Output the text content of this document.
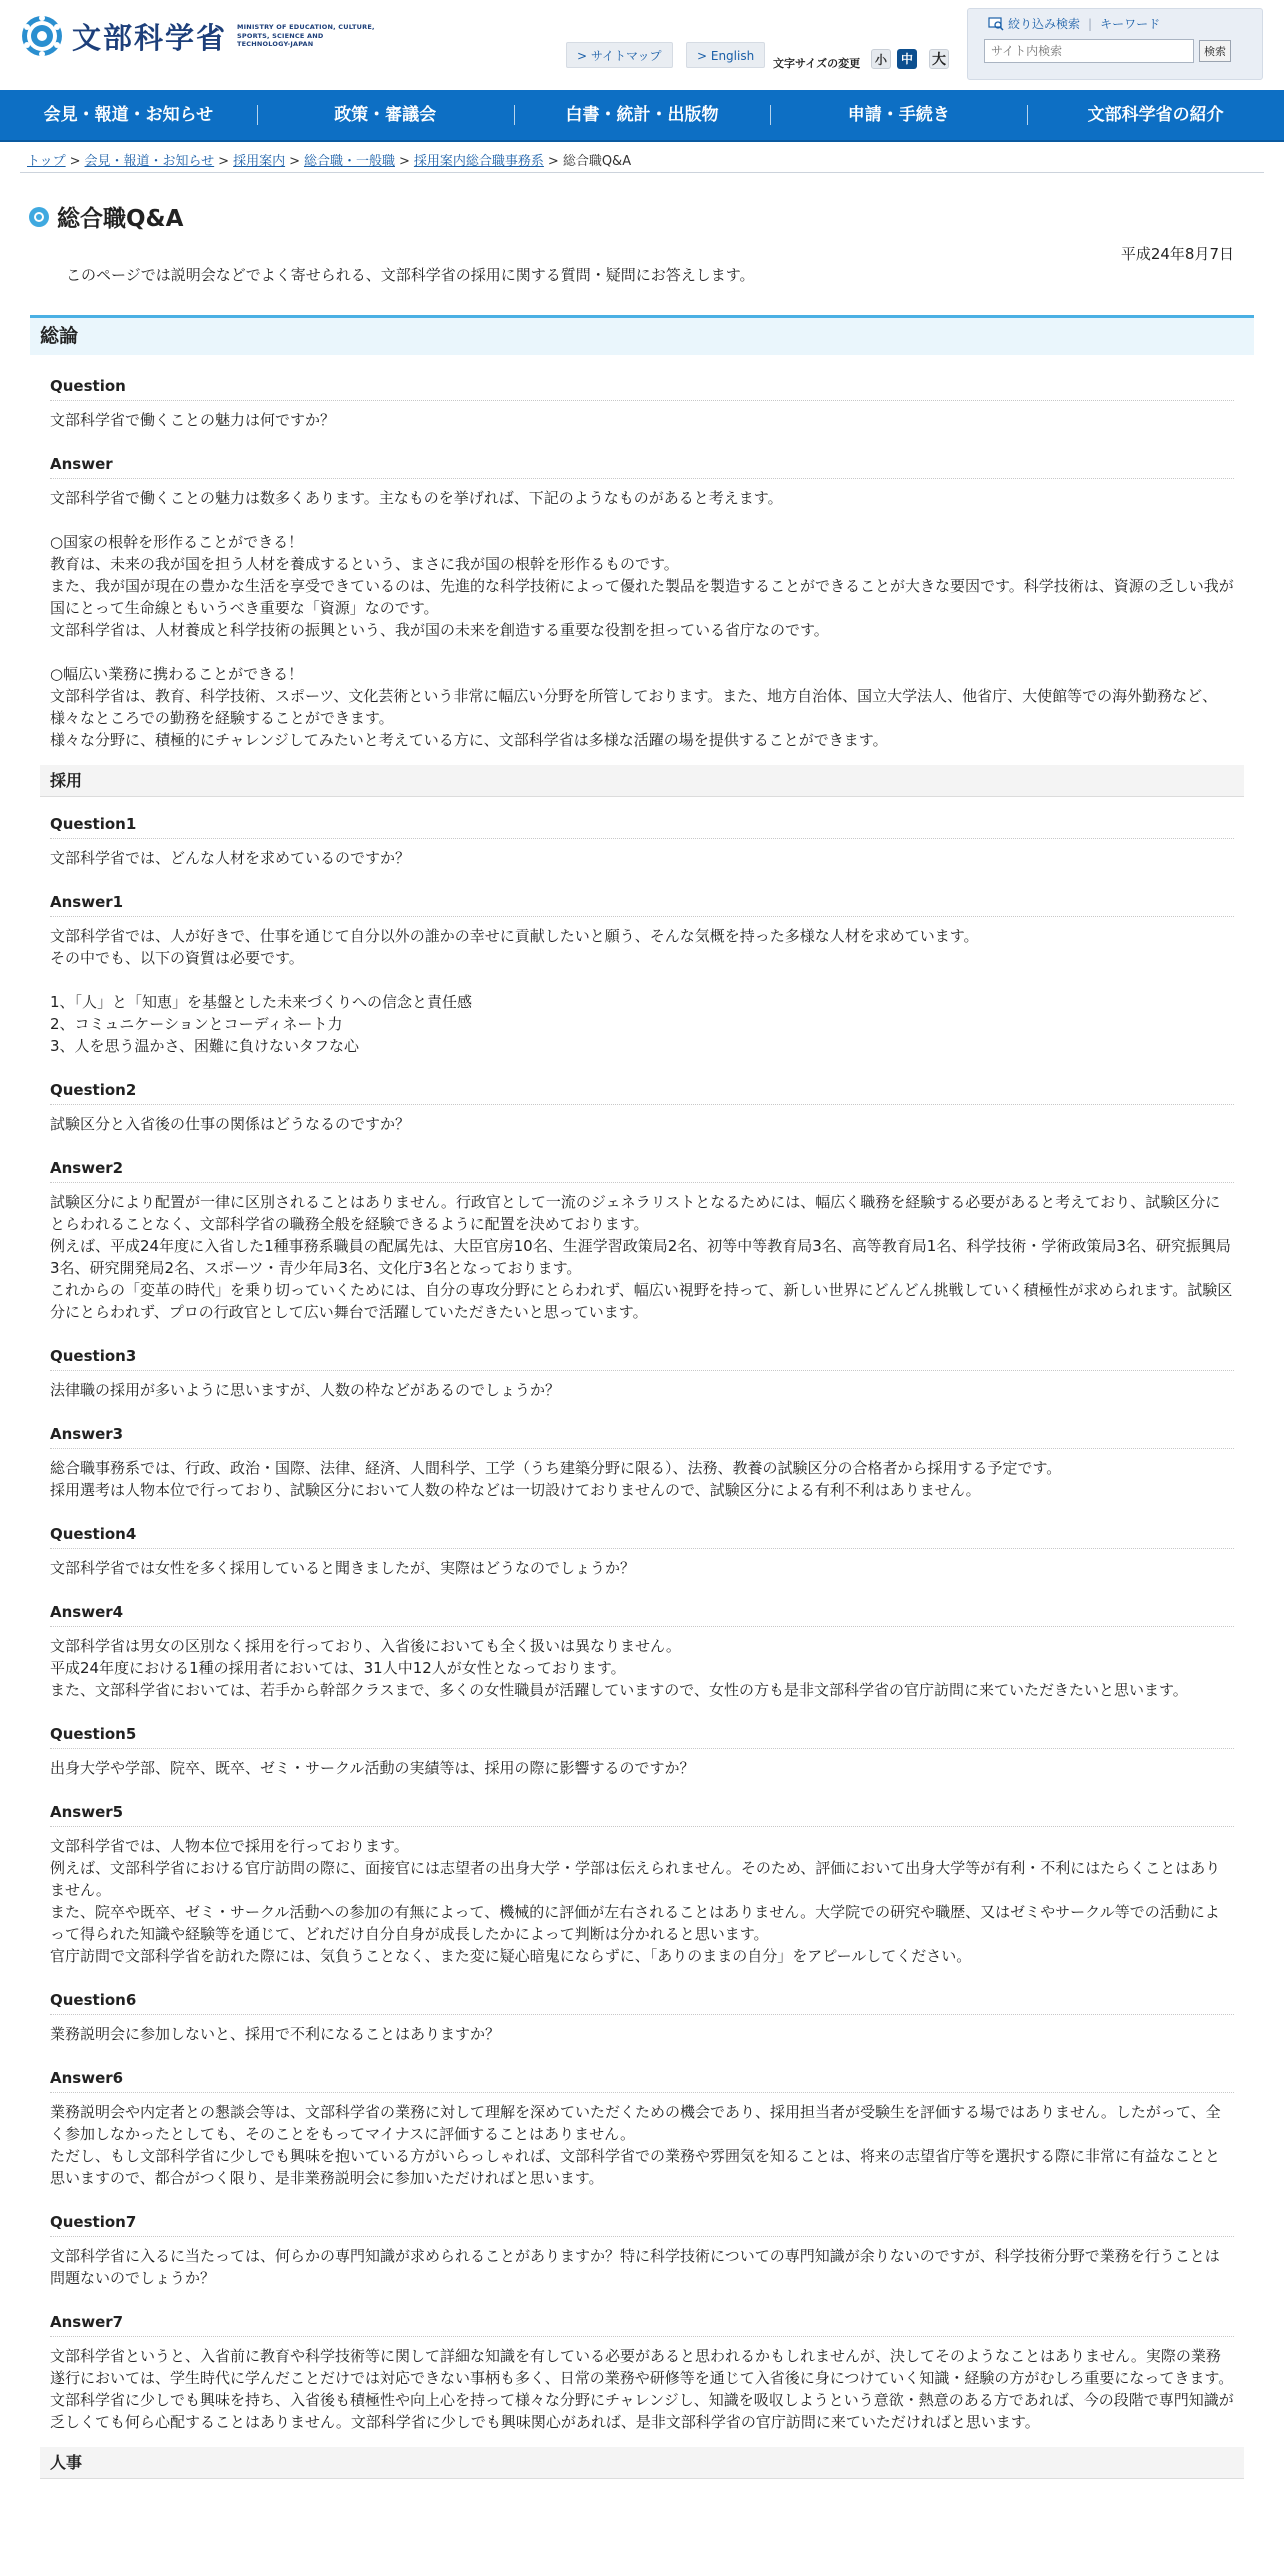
文部科学省 MINISTRY OF EDUCATION, CULTURE, SPORTS, SCIENCE AND TECHNOLOGY-JAPAN
> サイトマップ	> English
文字サイズの変更	小	中 大
絞り込み検索 | キーワード
サイト内検索
検索
会見・報道・お知らせ	政策・審議会	白書・統計・出版物	申請・手続き	文部科学省の紹介
トップ > 会見・報道・お知らせ > 採用案内 > 総合職・一般職 > 採用案内総合職事務系 > 総合職Q&A
総合職Q&A
平成24年8月7日
このページでは説明会などでよく寄せられる、文部科学省の採用に関する質問・疑問にお答えします。
総論
Question
文部科学省で働くことの魅力は何ですか？
Answer
文部科学省で働くことの魅力は数多くあります。主なものを挙げれば、下記のようなものがあると考えます。

○国家の根幹を形作ることができる！
教育は、未来の我が国を担う人材を養成するという、まさに我が国の根幹を形作るものです。
また、我が国が現在の豊かな生活を享受できているのは、先進的な科学技術によって優れた製品を製造することができることが大きな要因です。科学技術は、資源の乏しい我が国にとって生命線ともいうべき重要な「資源」なのです。
文部科学省は、人材養成と科学技術の振興という、我が国の未来を創造する重要な役割を担っている省庁なのです。

○幅広い業務に携わることができる！
文部科学省は、教育、科学技術、スポーツ、文化芸術という非常に幅広い分野を所管しております。また、地方自治体、国立大学法人、他省庁、大使館等での海外勤務など、様々なところでの勤務を経験することができます。
様々な分野に、積極的にチャレンジしてみたいと考えている方に、文部科学省は多様な活躍の場を提供することができます。
採用
Question1
文部科学省では、どんな人材を求めているのですか？
Answer1
文部科学省では、人が好きで、仕事を通じて自分以外の誰かの幸せに貢献したいと願う、そんな気概を持った多様な人材を求めています。
その中でも、以下の資質は必要です。

1、「人」と「知恵」を基盤とした未来づくりへの信念と責任感
2、コミュニケーションとコーディネート力
3、人を思う温かさ、困難に負けないタフな心
Question2
試験区分と入省後の仕事の関係はどうなるのですか？
Answer2
試験区分により配置が一律に区別されることはありません。行政官として一流のジェネラリストとなるためには、幅広く職務を経験する必要があると考えており、試験区分にとらわれることなく、文部科学省の職務全般を経験できるように配置を決めております。
例えば、平成24年度に入省した1種事務系職員の配属先は、大臣官房10名、生涯学習政策局2名、初等中等教育局3名、高等教育局1名、科学技術・学術政策局3名、研究振興局3名、研究開発局2名、スポーツ・青少年局3名、文化庁3名となっております。
これからの「変革の時代」を乗り切っていくためには、自分の専攻分野にとらわれず、幅広い視野を持って、新しい世界にどんどん挑戦していく積極性が求められます。試験区分にとらわれず、プロの行政官として広い舞台で活躍していただきたいと思っています。
Question3
法律職の採用が多いように思いますが、人数の枠などがあるのでしょうか？
Answer3
総合職事務系では、行政、政治・国際、法律、経済、人間科学、工学（うち建築分野に限る）、法務、教養の試験区分の合格者から採用する予定です。
採用選考は人物本位で行っており、試験区分において人数の枠などは一切設けておりませんので、試験区分による有利不利はありません。
Question4
文部科学省では女性を多く採用していると聞きましたが、実際はどうなのでしょうか？
Answer4
文部科学省は男女の区別なく採用を行っており、入省後においても全く扱いは異なりません。
平成24年度における1種の採用者においては、31人中12人が女性となっております。
また、文部科学省においては、若手から幹部クラスまで、多くの女性職員が活躍していますので、女性の方も是非文部科学省の官庁訪問に来ていただきたいと思います。
Question5
出身大学や学部、院卒、既卒、ゼミ・サークル活動の実績等は、採用の際に影響するのですか？
Answer5
文部科学省では、人物本位で採用を行っております。
例えば、文部科学省における官庁訪問の際に、面接官には志望者の出身大学・学部は伝えられません。そのため、評価において出身大学等が有利・不利にはたらくことはありません。
また、院卒や既卒、ゼミ・サークル活動への参加の有無によって、機械的に評価が左右されることはありません。大学院での研究や職歴、又はゼミやサークル等での活動によって得られた知識や経験等を通じて、どれだけ自分自身が成長したかによって判断は分かれると思います。
官庁訪問で文部科学省を訪れた際には、気負うことなく、また変に疑心暗鬼にならずに、「ありのままの自分」をアピールしてください。
Question6
業務説明会に参加しないと、採用で不利になることはありますか？
Answer6
業務説明会や内定者との懇談会等は、文部科学省の業務に対して理解を深めていただくための機会であり、採用担当者が受験生を評価する場ではありません。したがって、全く参加しなかったとしても、そのことをもってマイナスに評価することはありません。
ただし、もし文部科学省に少しでも興味を抱いている方がいらっしゃれば、文部科学省での業務や雰囲気を知ることは、将来の志望省庁等を選択する際に非常に有益なことと思いますので、都合がつく限り、是非業務説明会に参加いただければと思います。
Question7
文部科学省に入るに当たっては、何らかの専門知識が求められることがありますか？特に科学技術についての専門知識が余りないのですが、科学技術分野で業務を行うことは問題ないのでしょうか？
Answer7
文部科学省というと、入省前に教育や科学技術等に関して詳細な知識を有している必要があると思われるかもしれませんが、決してそのようなことはありません。実際の業務遂行においては、学生時代に学んだことだけでは対応できない事柄も多く、日常の業務や研修等を通じて入省後に身につけていく知識・経験の方がむしろ重要になってきます。
文部科学省に少しでも興味を持ち、入省後も積極性や向上心を持って様々な分野にチャレンジし、知識を吸収しようという意欲・熱意のある方であれば、今の段階で専門知識が乏しくても何ら心配することはありません。文部科学省に少しでも興味関心があれば、是非文部科学省の官庁訪問に来ていただければと思います。
人事
